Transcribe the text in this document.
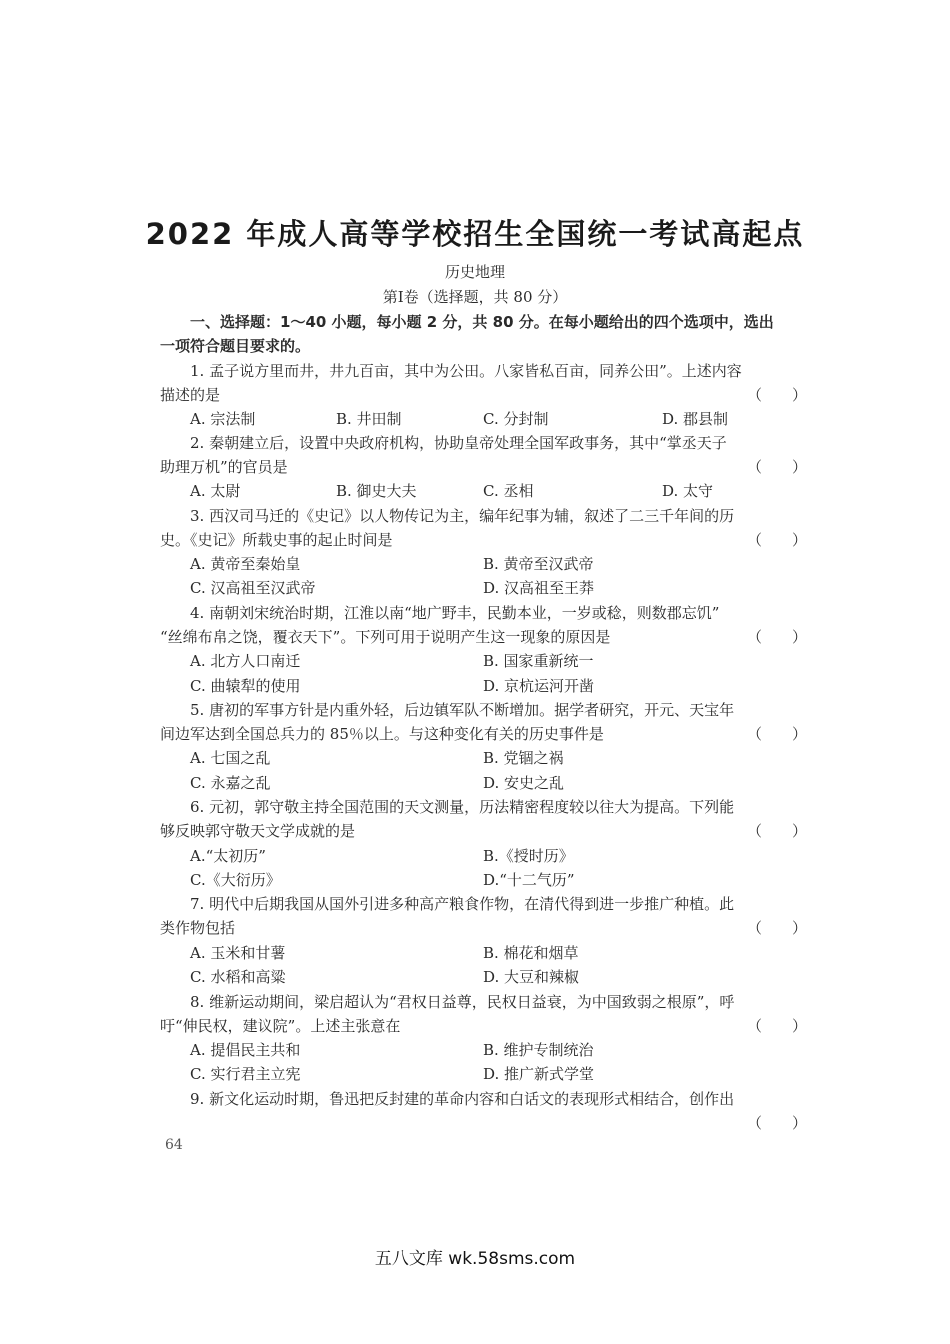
2022 年成人高等学校招生全国统一考试高起点
历史地理
第Ⅰ卷（选择题，共 80 分）
一、选择题：1～40 小题，每小题 2 分，共 80 分。在每小题给出的四个选项中，选出
一项符合题目要求的。
1. 孟子说方里而井，井九百亩，其中为公田。八家皆私百亩，同养公田”。上述内容
描述的是	（　　）
A. 宗法制	B. 井田制	C. 分封制	D. 郡县制
2. 秦朝建立后，设置中央政府机构，协助皇帝处理全国军政事务，其中“掌丞天子
助理万机”的官员是	（　　）
A. 太尉	B. 御史大夫	C. 丞相	D. 太守
3. 西汉司马迁的《史记》以人物传记为主，编年纪事为辅，叙述了二三千年间的历
史。《史记》所载史事的起止时间是	（　　）
A. 黄帝至秦始皇	B. 黄帝至汉武帝
C. 汉高祖至汉武帝	D. 汉高祖至王莽
4. 南朝刘宋统治时期，江淮以南“地广野丰，民勤本业，一岁或稔，则数郡忘饥”
“丝绵布帛之饶，覆衣天下”。下列可用于说明产生这一现象的原因是	（　　）
A. 北方人口南迁	B. 国家重新统一
C. 曲辕犁的使用	D. 京杭运河开凿
5. 唐初的军事方针是内重外轻，后边镇军队不断增加。据学者研究，开元、天宝年
间边军达到全国总兵力的 85％以上。与这种变化有关的历史事件是	（　　）
A. 七国之乱	B. 党锢之祸
C. 永嘉之乱	D. 安史之乱
6. 元初，郭守敬主持全国范围的天文测量，历法精密程度较以往大为提高。下列能
够反映郭守敬天文学成就的是	（　　）
A.“太初历”	B.《授时历》
C.《大衍历》	D.“十二气历”
7. 明代中后期我国从国外引进多种高产粮食作物，在清代得到进一步推广种植。此
类作物包括	（　　）
A. 玉米和甘薯	B. 棉花和烟草
C. 水稻和高粱	D. 大豆和辣椒
8. 维新运动期间，梁启超认为“君权日益尊，民权日益衰，为中国致弱之根原”，呼
吁“伸民权，建议院”。上述主张意在	（　　）
A. 提倡民主共和	B. 维护专制统治
C. 实行君主立宪	D. 推广新式学堂
9. 新文化运动时期，鲁迅把反封建的革命内容和白话文的表现形式相结合，创作出
（　　）
64
五八文库 wk.58sms.com
